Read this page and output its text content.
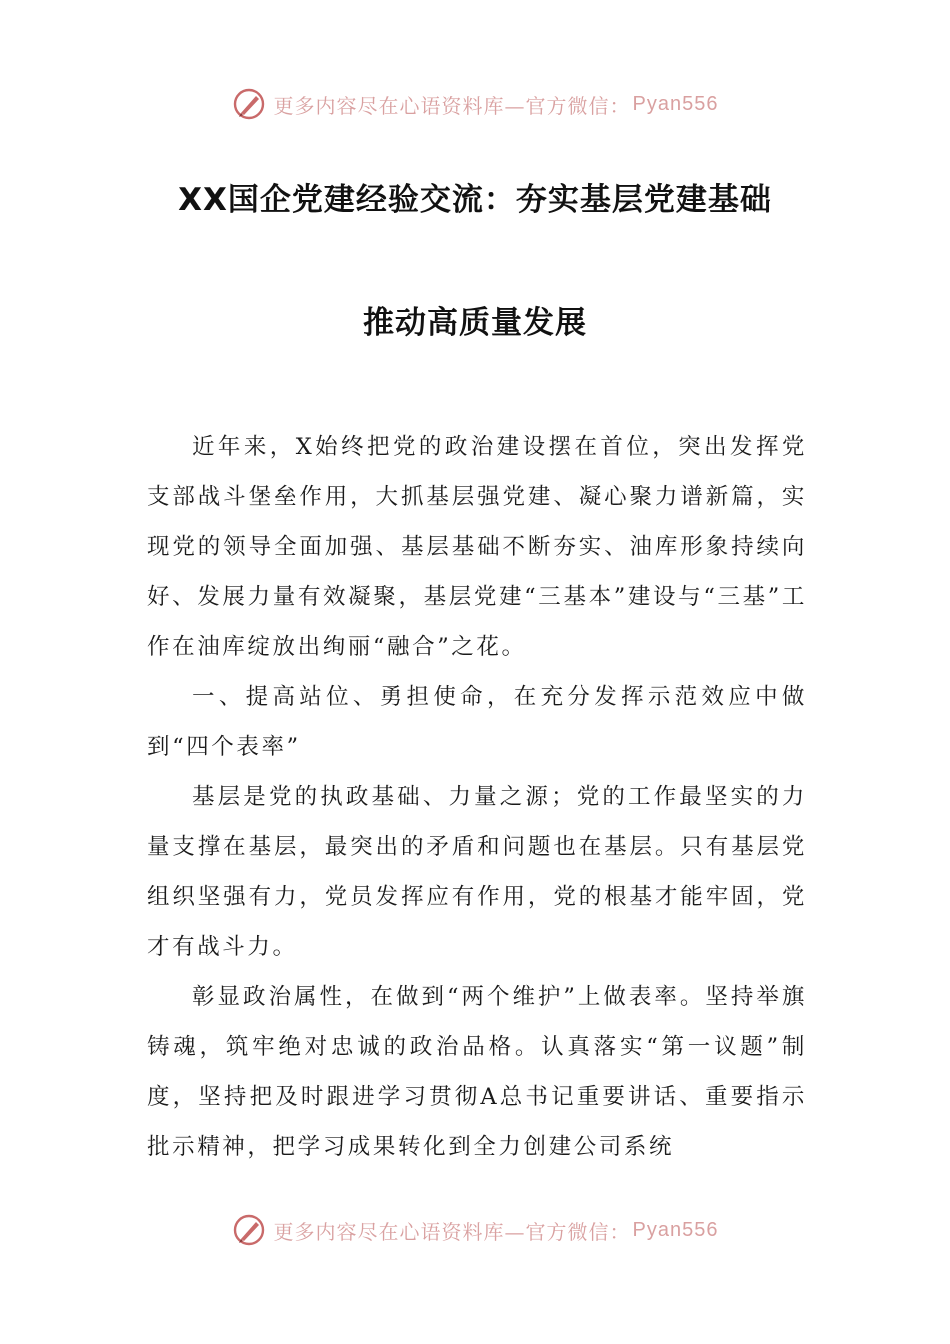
更多内容尽在心语资料库—官方微信： Pyan556
XX国企党建经验交流：夯实基层党建基础
推动高质量发展

近年来，X始终把党的政治建设摆在首位，突出发挥党支部战斗堡垒作用，大抓基层强党建、凝心聚力谱新篇，实现党的领导全面加强、基层基础不断夯实、油库形象持续向好、发展力量有效凝聚，基层党建“三基本”建设与“三基”工作在油库绽放出绚丽“融合”之花。

一、提高站位、勇担使命，在充分发挥示范效应中做到“四个表率”

基层是党的执政基础、力量之源；党的工作最坚实的力量支撑在基层，最突出的矛盾和问题也在基层。只有基层党组织坚强有力，党员发挥应有作用，党的根基才能牢固，党才有战斗力。

彰显政治属性，在做到“两个维护”上做表率。坚持举旗铸魂，筑牢绝对忠诚的政治品格。认真落实“第一议题”制度，坚持把及时跟进学习贯彻A总书记重要讲话、重要指示批示精神，把学习成果转化到全力创建公司系统

更多内容尽在心语资料库—官方微信： Pyan556
